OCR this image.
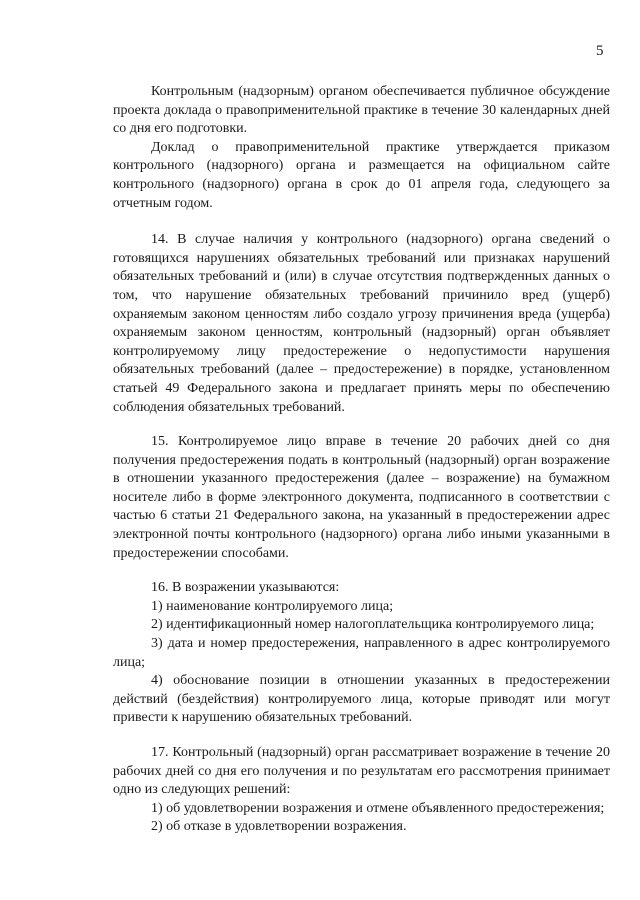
5

Контрольным (надзорным) органом обеспечивается публичное обсуждение проекта доклада о правоприменительной практике в течение 30 календарных дней со дня его подготовки.

Доклад о правоприменительной практике утверждается приказом контрольного (надзорного) органа и размещается на официальном сайте контрольного (надзорного) органа в срок до 01 апреля года, следующего за отчетным годом.

14. В случае наличия у контрольного (надзорного) органа сведений о готовящихся нарушениях обязательных требований или признаках нарушений обязательных требований и (или) в случае отсутствия подтвержденных данных о том, что нарушение обязательных требований причинило вред (ущерб) охраняемым законом ценностям либо создало угрозу причинения вреда (ущерба) охраняемым законом ценностям, контрольный (надзорный) орган объявляет контролируемому лицу предостережение о недопустимости нарушения обязательных требований (далее – предостережение) в порядке, установленном статьей 49 Федерального закона и предлагает принять меры по обеспечению соблюдения обязательных требований.

15. Контролируемое лицо вправе в течение 20 рабочих дней со дня получения предостережения подать в контрольный (надзорный) орган возражение в отношении указанного предостережения (далее – возражение) на бумажном носителе либо в форме электронного документа, подписанного в соответствии с частью 6 статьи 21 Федерального закона, на указанный в предостережении адрес электронной почты контрольного (надзорного) органа либо иными указанными в предостережении способами.

16. В возражении указываются:

1) наименование контролируемого лица;

2) идентификационный номер налогоплательщика контролируемого лица;

3) дата и номер предостережения, направленного в адрес контролируемого лица;

4) обоснование позиции в отношении указанных в предостережении действий (бездействия) контролируемого лица, которые приводят или могут привести к нарушению обязательных требований.

17. Контрольный (надзорный) орган рассматривает возражение в течение 20 рабочих дней со дня его получения и по результатам его рассмотрения принимает одно из следующих решений:

1) об удовлетворении возражения и отмене объявленного предостережения;

2) об отказе в удовлетворении возражения.
